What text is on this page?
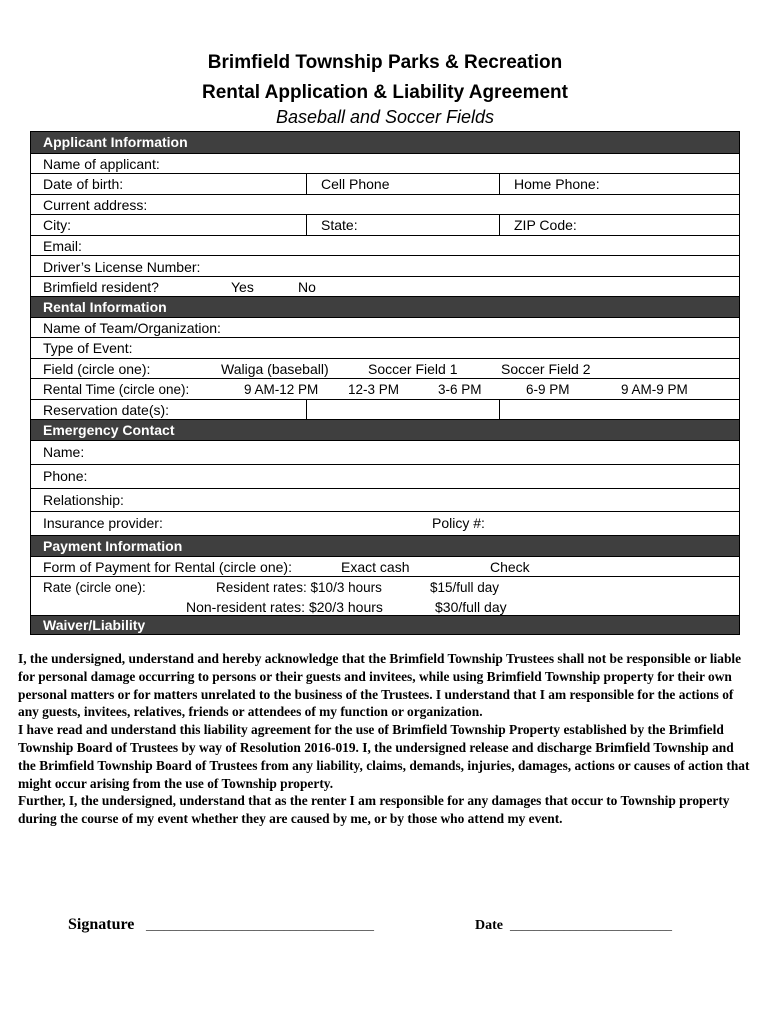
Brimfield Township Parks & Recreation
Rental Application & Liability Agreement
Baseball and Soccer Fields
Applicant Information
Name of applicant:
Date of birth:	Cell Phone	Home Phone:
Current address:
City:	State:	ZIP Code:
Email:
Driver’s License Number:
Brimfield resident?	Yes	No
Rental Information
Name of Team/Organization:
Type of Event:
Field (circle one):	Waliga (baseball)	Soccer Field 1	Soccer Field 2
Rental Time (circle one):	9 AM-12 PM 12-3 PM	3-6 PM	6-9 PM	9 AM-9 PM
Reservation date(s):
Emergency Contact
Name:
Phone:
Relationship:
Insurance provider:	Policy #:
Payment Information
Form of Payment for Rental (circle one):	Exact cash	Check
Rate (circle one):	Resident rates: $10/3 hours	$15/full day
Non-resident rates: $20/3 hours	$30/full day
Waiver/Liability

I, the undersigned, understand and hereby acknowledge that the Brimfield Township Trustees shall not be responsible or liable for personal damage occurring to persons or their guests and invitees, while using Brimfield Township property for their own personal matters or for matters unrelated to the business of the Trustees. I understand that I am responsible for the actions of any guests, invitees, relatives, friends or attendees of my function or organization.

I have read and understand this liability agreement for the use of Brimfield Township Property established by the Brimfield Township Board of Trustees by way of Resolution 2016-019. I, the undersigned release and discharge Brimfield Township and the Brimfield Township Board of Trustees from any liability, claims, demands, injuries, damages, actions or causes of action that might occur arising from the use of Township property.

Further, I, the undersigned, understand that as the renter I am responsible for any damages that occur to Township property during the course of my event whether they are caused by me, or by those who attend my event.

Signature ______________________________________	Date ___________________________
